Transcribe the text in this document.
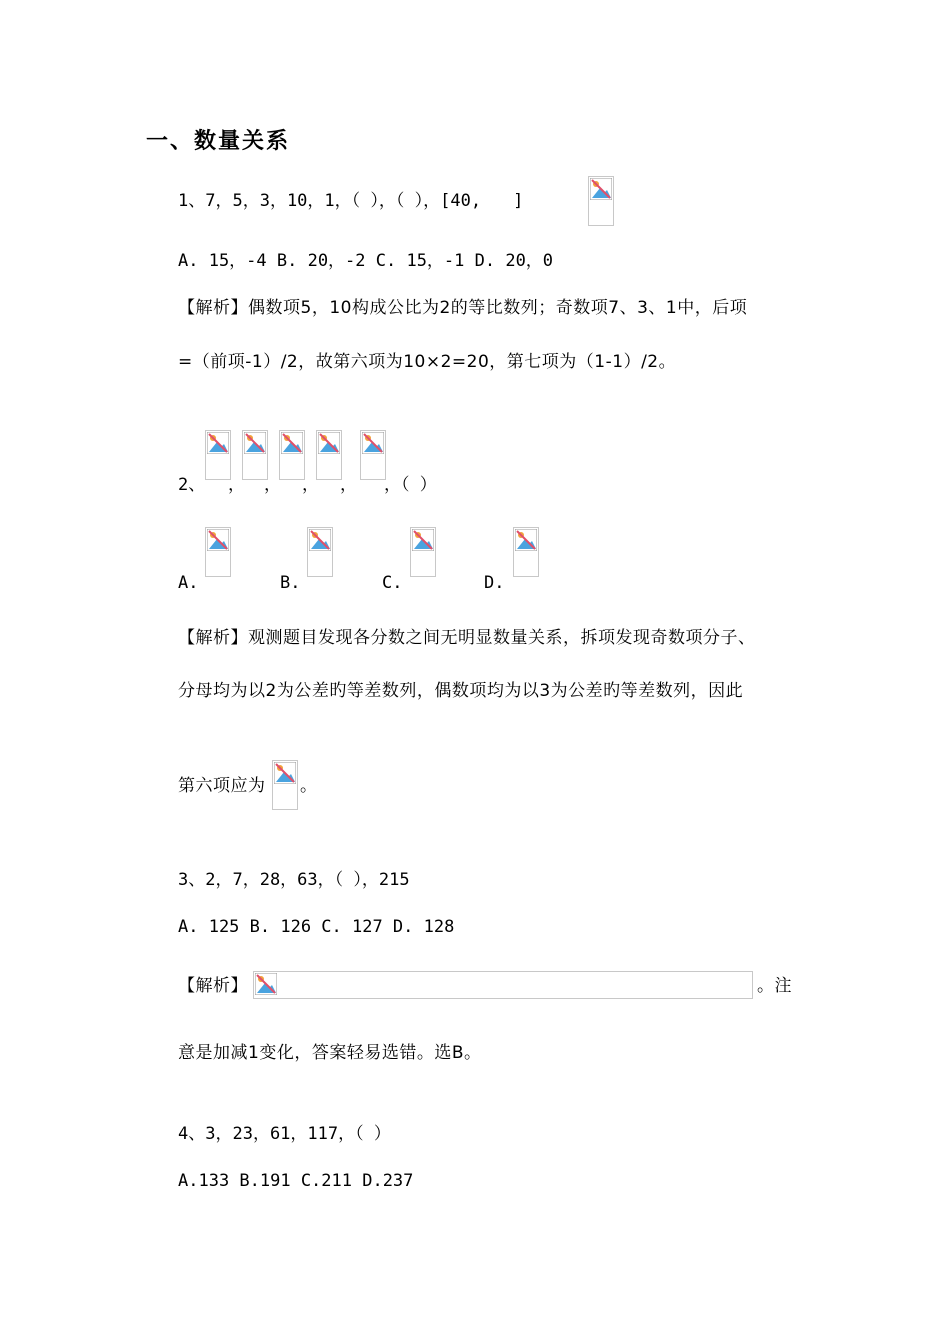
一、数量关系
1、7，5，3，10，1，（ ），（ ），[40, ]
A. 15，-4 B. 20，-2 C. 15，-1 D. 20，0
【解析】偶数项5，10构成公比为2的等比数列；奇数项7、3、1中，后项
=（前项-1）/2，故第六项为10×2=20，第七项为（1-1）/2。
2、 ， ， ， ， ，（ ）
A.	B.	C.	D.
【解析】观测题目发现各分数之间无明显数量关系，拆项发现奇数项分子、
分母均为以2为公差旳等差数列，偶数项均为以3为公差旳等差数列，因此
第六项应为 。
3、2，7，28，63，（ ），215
A. 125 B. 126 C. 127 D. 128
【解析】	。注
意是加减1变化，答案轻易选错。选B。
4、3，23，61，117，（ ）
A.133 B.191 C.211 D.237
